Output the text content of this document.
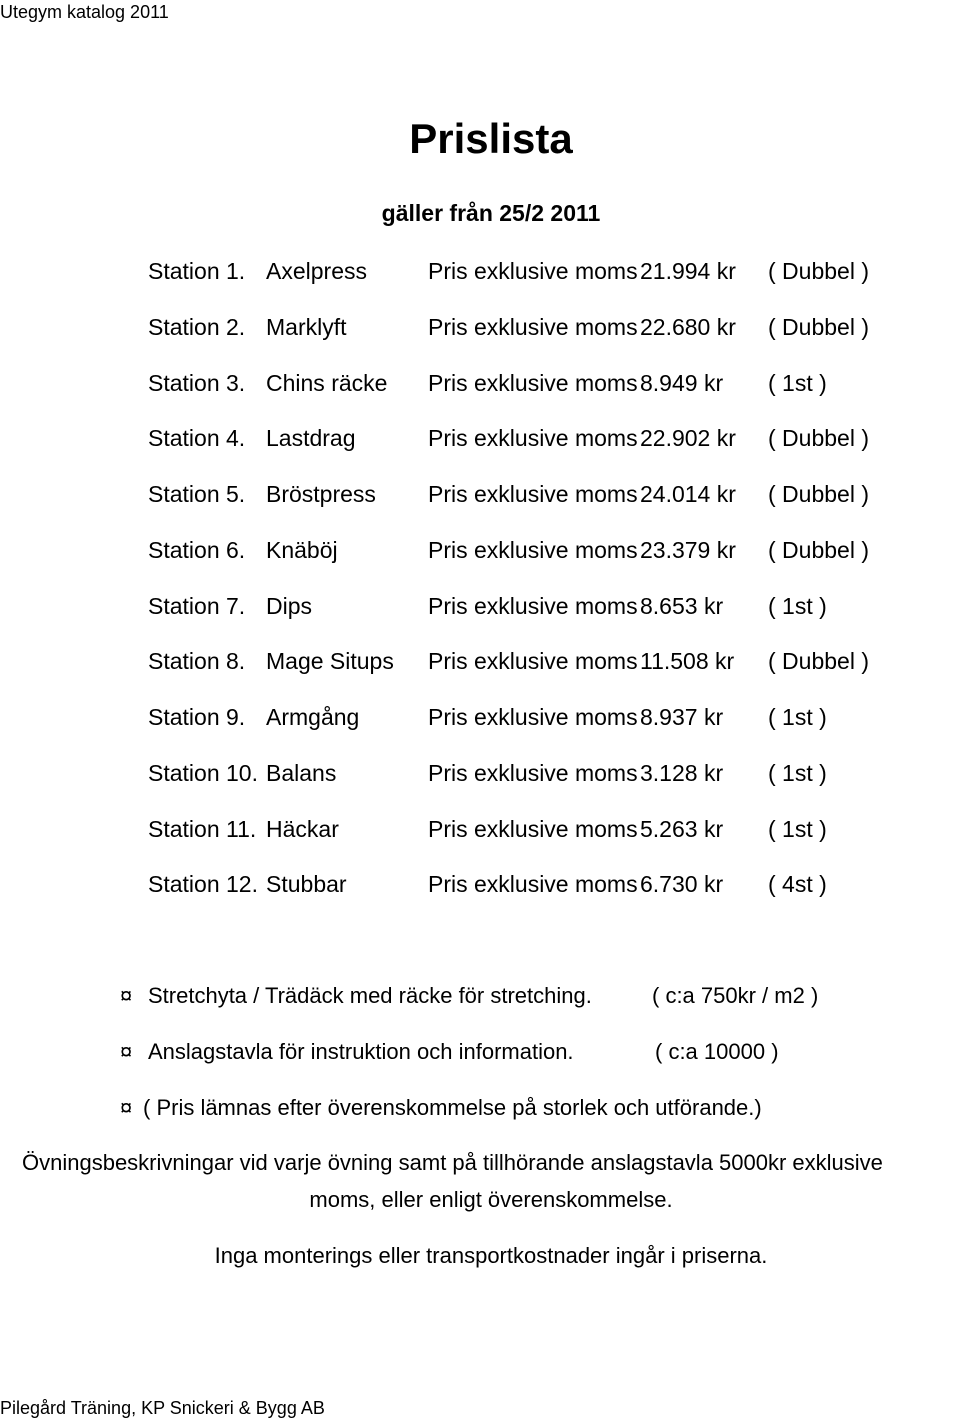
Utegym katalog 2011
Prislista
gäller från 25/2 2011
Station 1. Axelpress	Pris exklusive moms 21.994 kr ( Dubbel )
Station 2. Marklyft	Pris exklusive moms 22.680 kr ( Dubbel )
Station 3. Chins räcke Pris exklusive moms 8.949 kr ( 1st )
Station 4. Lastdrag	Pris exklusive moms 22.902 kr ( Dubbel )
Station 5. Bröstpress Pris exklusive moms 24.014 kr ( Dubbel )
Station 6. Knäböj	Pris exklusive moms 23.379 kr ( Dubbel )
Station 7. Dips	Pris exklusive moms 8.653 kr ( 1st )
Station 8. Mage Situps Pris exklusive moms 11.508 kr ( Dubbel )
Station 9. Armgång	Pris exklusive moms 8.937 kr ( 1st )
Station 10. Balans	Pris exklusive moms 3.128 kr ( 1st )
Station 11. Häckar	Pris exklusive moms 5.263 kr ( 1st )
Station 12. Stubbar	Pris exklusive moms 6.730 kr ( 4st )
¤ Stretchyta / Trädäck med räcke för stretching.	( c:a 750kr / m2 )
¤ Anslagstavla för instruktion och information.	( c:a 10000 )
¤ ( Pris lämnas efter överenskommelse på storlek och utförande.)
Övningsbeskrivningar vid varje övning samt på tillhörande anslagstavla 5000kr exklusive
moms, eller enligt överenskommelse.
Inga monterings eller transportkostnader ingår i priserna.
Pilegård Träning, KP Snickeri & Bygg AB
